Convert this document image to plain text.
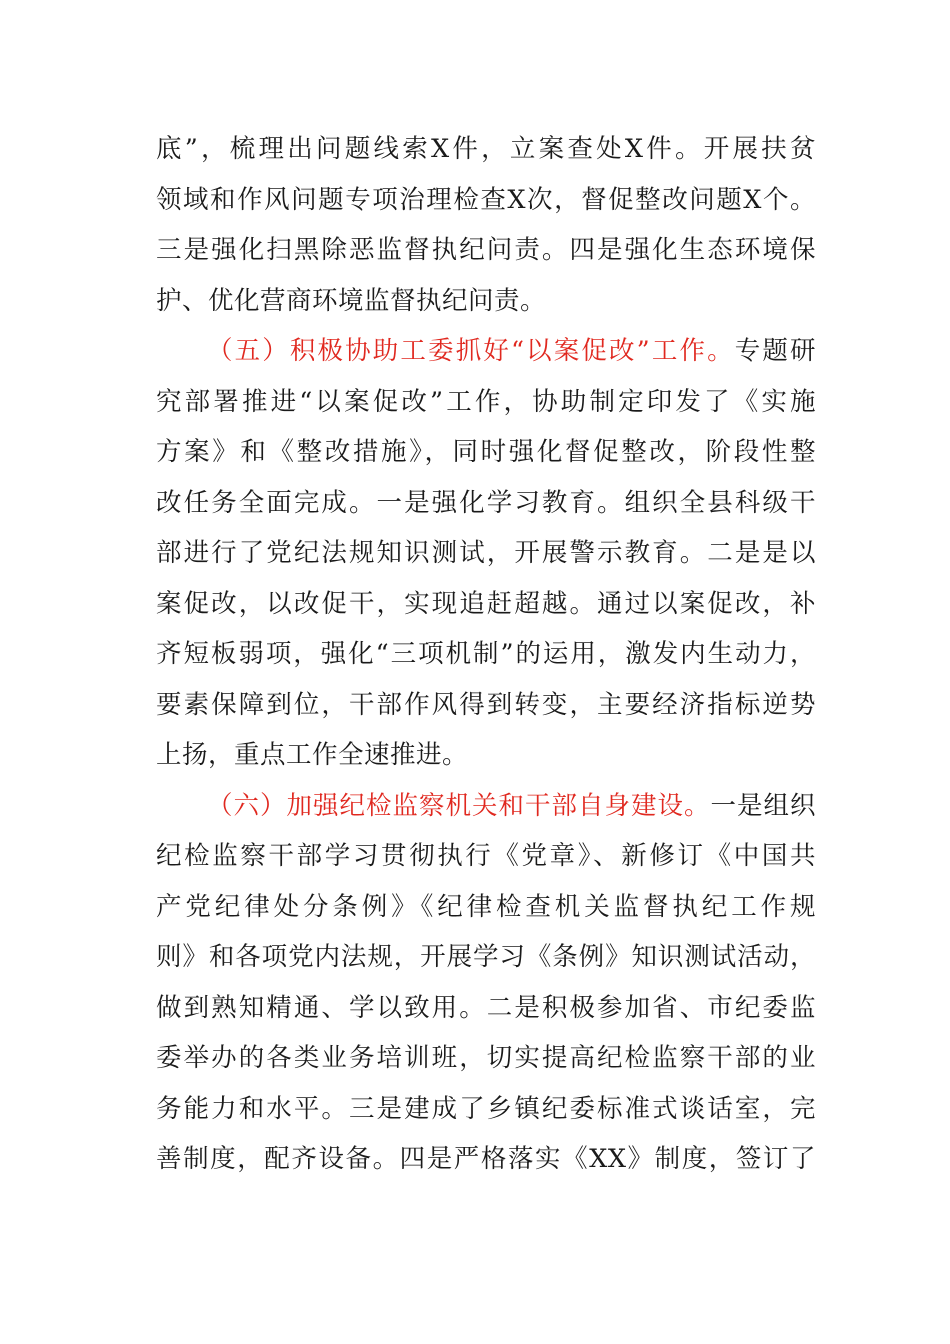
底”，梳理出问题线索X件，立案查处X件。开展扶贫
领域和作风问题专项治理检查X次，督促整改问题X个。
三是强化扫黑除恶监督执纪问责。四是强化生态环境保
护、优化营商环境监督执纪问责。
（五）积极协助工委抓好“以案促改”工作。专题研
究部署推进“以案促改”工作，协助制定印发了《实施
方案》和《整改措施》，同时强化督促整改，阶段性整
改任务全面完成。一是强化学习教育。组织全县科级干
部进行了党纪法规知识测试，开展警示教育。二是是以
案促改，以改促干，实现追赶超越。通过以案促改，补
齐短板弱项，强化“三项机制”的运用，激发内生动力，
要素保障到位，干部作风得到转变，主要经济指标逆势
上扬，重点工作全速推进。
（六）加强纪检监察机关和干部自身建设。一是组织
纪检监察干部学习贯彻执行《党章》、新修订《中国共
产党纪律处分条例》《纪律检查机关监督执纪工作规
则》和各项党内法规，开展学习《条例》知识测试活动，
做到熟知精通、学以致用。二是积极参加省、市纪委监
委举办的各类业务培训班，切实提高纪检监察干部的业
务能力和水平。三是建成了乡镇纪委标准式谈话室，完
善制度，配齐设备。四是严格落实《XX》制度，签订了
